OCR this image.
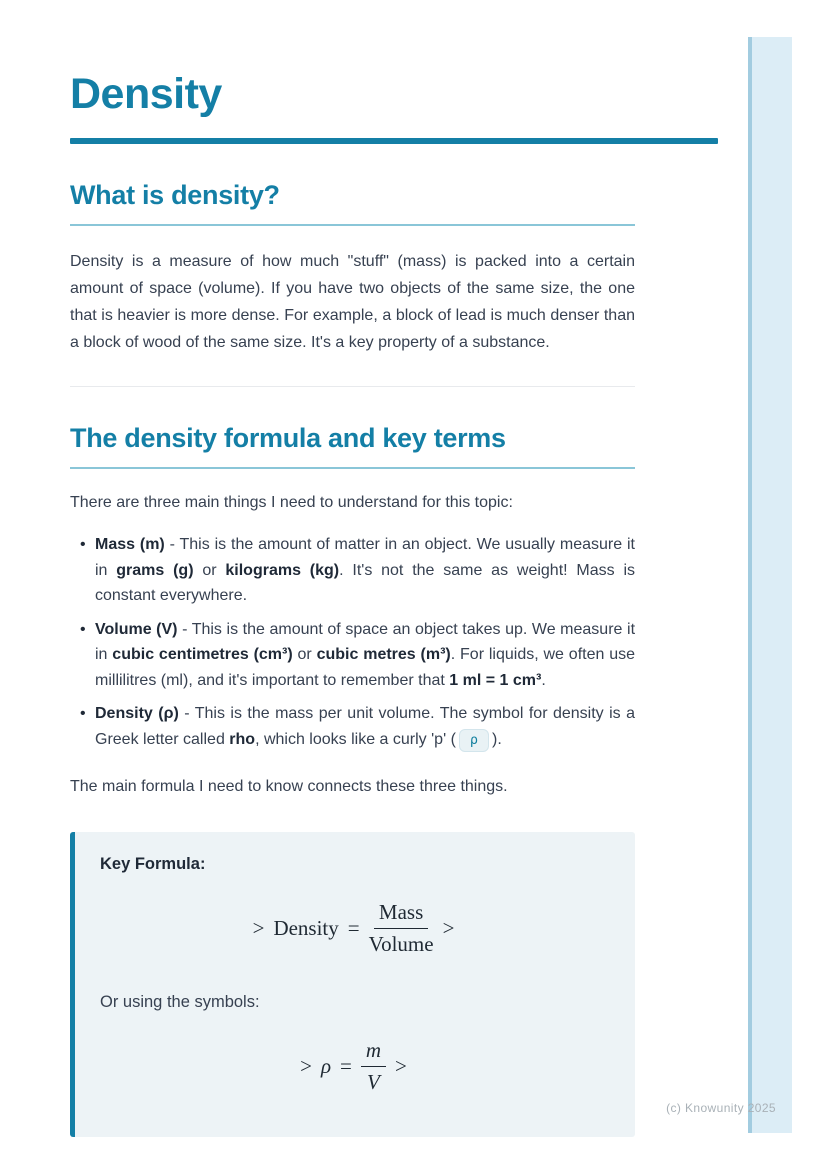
Density
What is density?

Density is a measure of how much "stuff" (mass) is packed into a certain amount of space (volume). If you have two objects of the same size, the one that is heavier is more dense. For example, a block of lead is much denser than a block of wood of the same size. It's a key property of a substance.

The density formula and key terms

There are three main things I need to understand for this topic:

• Mass (m) - This is the amount of matter in an object. We usually measure it in grams (g) or kilograms (kg). It's not the same as weight! Mass is constant everywhere.
• Volume (V) - This is the amount of space an object takes up. We measure it in cubic centimetres (cm³) or cubic metres (m³). For liquids, we often use millilitres (ml), and it's important to remember that 1 ml = 1 cm³.
• Density (ρ) - This is the mass per unit volume. The symbol for density is a Greek letter called rho, which looks like a curly 'p' ( ρ ).

The main formula I need to know connects these three things.

Key Formula:
> Density = $\frac{\text{Mass}}{\text{Volume}}$ >
Or using the symbols:
> $\rho = \frac{m}{V}$ >
(c) Knowunity 2025
